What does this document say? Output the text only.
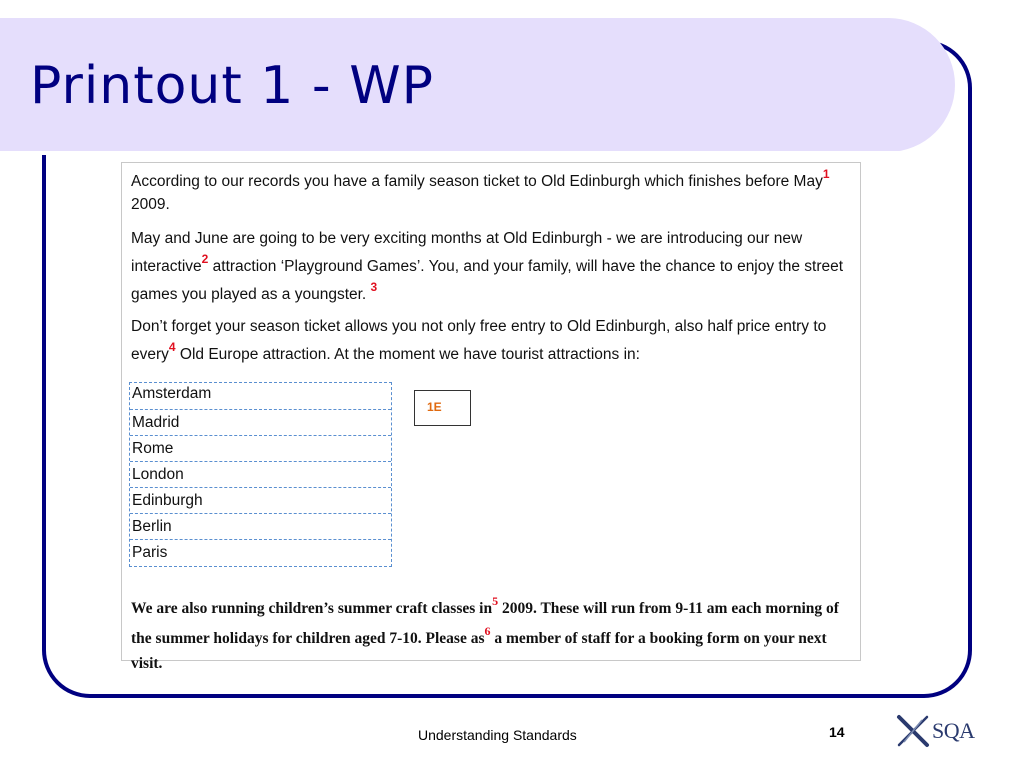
Printout 1 - WP

According to our records you have a family season ticket to Old Edinburgh which finishes before May$^1$ 2009.

May and June are going to be very exciting months at Old Edinburgh - we are introducing our new interactive$^2$ attraction ‘Playground Games’. You, and your family, will have the chance to enjoy the street games you played as a youngster. $^3$

Don’t forget your season ticket allows you not only free entry to Old Edinburgh, also half price entry to every$^4$ Old Europe attraction. At the moment we have tourist attractions in:

Amsterdam
Madrid
Rome
London
Edinburgh
Berlin
Paris
1E

We are also running children’s summer craft classes $in^5$ 2009. These will run from 9-11 am each morning of the summer holidays for children aged 7-10. Please $as^6$ a member of staff for a booking form on your next visit.

Understanding Standards	14	SQA
